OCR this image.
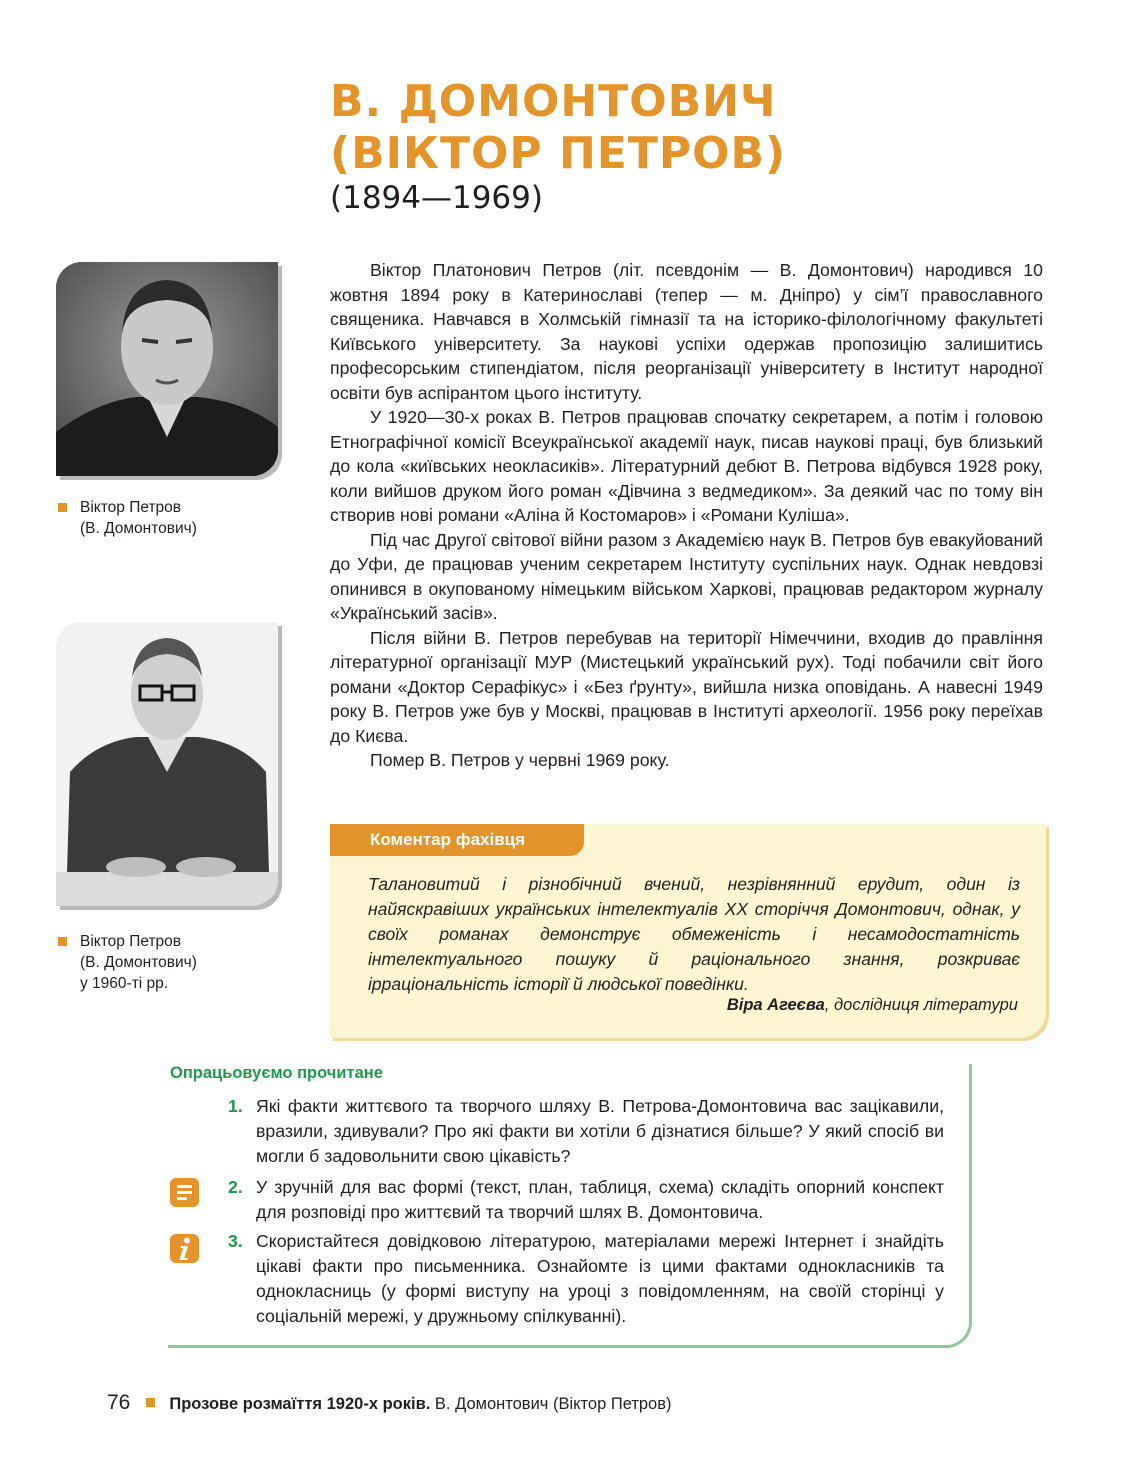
В. ДОМОНТОВИЧ
(ВІКТОР ПЕТРОВ)
(1894—1969)
Віктор Петров
(В. Домонтович)
Віктор Петров
(В. Домонтович)
у 1960-ті рр.

Віктор Платонович Петров (літ. псевдонім — В. Домонтович) народився 10 жовтня 1894 року в Катеринославі (тепер — м. Дніпро) у сім’ї православного священика. Навчався в Холмській гімназії та на історико-філологічному факультеті Київського університету. За наукові успіхи одержав пропозицію залишитись професорським стипендіатом, після реорганізації університету в Інститут народної освіти був аспірантом цього інституту.

У 1920—30-х роках В. Петров працював спочатку секретарем, а потім і головою Етнографічної комісії Всеукраїнської академії наук, писав наукові праці, був близький до кола «київських неокласиків». Літературний дебют В. Петрова відбувся 1928 року, коли вийшов друком його роман «Дівчина з ведмедиком». За деякий час по тому він створив нові романи «Аліна й Костомаров» і «Романи Куліша».

Під час Другої світової війни разом з Академією наук В. Петров був евакуйований до Уфи, де працював ученим секретарем Інституту суспільних наук. Однак невдовзі опинився в окупованому німецьким військом Харкові, працював редактором журналу «Український засів».

Після війни В. Петров перебував на території Німеччини, входив до правління літературної організації МУР (Мистецький український рух). Тоді побачили світ його романи «Доктор Серафікус» і «Без ґрунту», вийшла низка оповідань. А навесні 1949 року В. Петров уже був у Москві, працював в Інституті археології. 1956 року переїхав до Києва.

Помер В. Петров у червні 1969 року.

Коментар фахівця
Талановитий і різнобічний вчений, незрівнянний ерудит, один із найяскравіших українських інтелектуалів ХХ сторіччя Домонтович, однак, у своїх романах демонструє обмеженість і несамодостатність інтелектуального пошуку й раціонального знання, розкриває ірраціональність історії й людської поведінки.
Віра Агеєва, дослідниця літератури
Опрацьовуємо прочитане
1. Які факти життєвого та творчого шляху В. Петрова-Домонтовича вас зацікавили, вразили, здивували? Про які факти ви хотіли б дізнатися більше? У який спосіб ви могли б задовольнити свою цікавість?
2. У зручній для вас формі (текст, план, таблиця, схема) складіть опорний конспект для розповіді про життєвий та творчий шлях В. Домонтовича.
3. Скористайтеся довідковою літературою, матеріалами мережі Інтернет і знайдіть цікаві факти про письменника. Ознайомте із цими фактами однокласників та однокласниць (у формі виступу на уроці з повідомленням, на своїй сторінці у соціальній мережі, у дружньому спілкуванні).
76 Прозове розмаїття 1920-х років. В. Домонтович (Віктор Петров)
